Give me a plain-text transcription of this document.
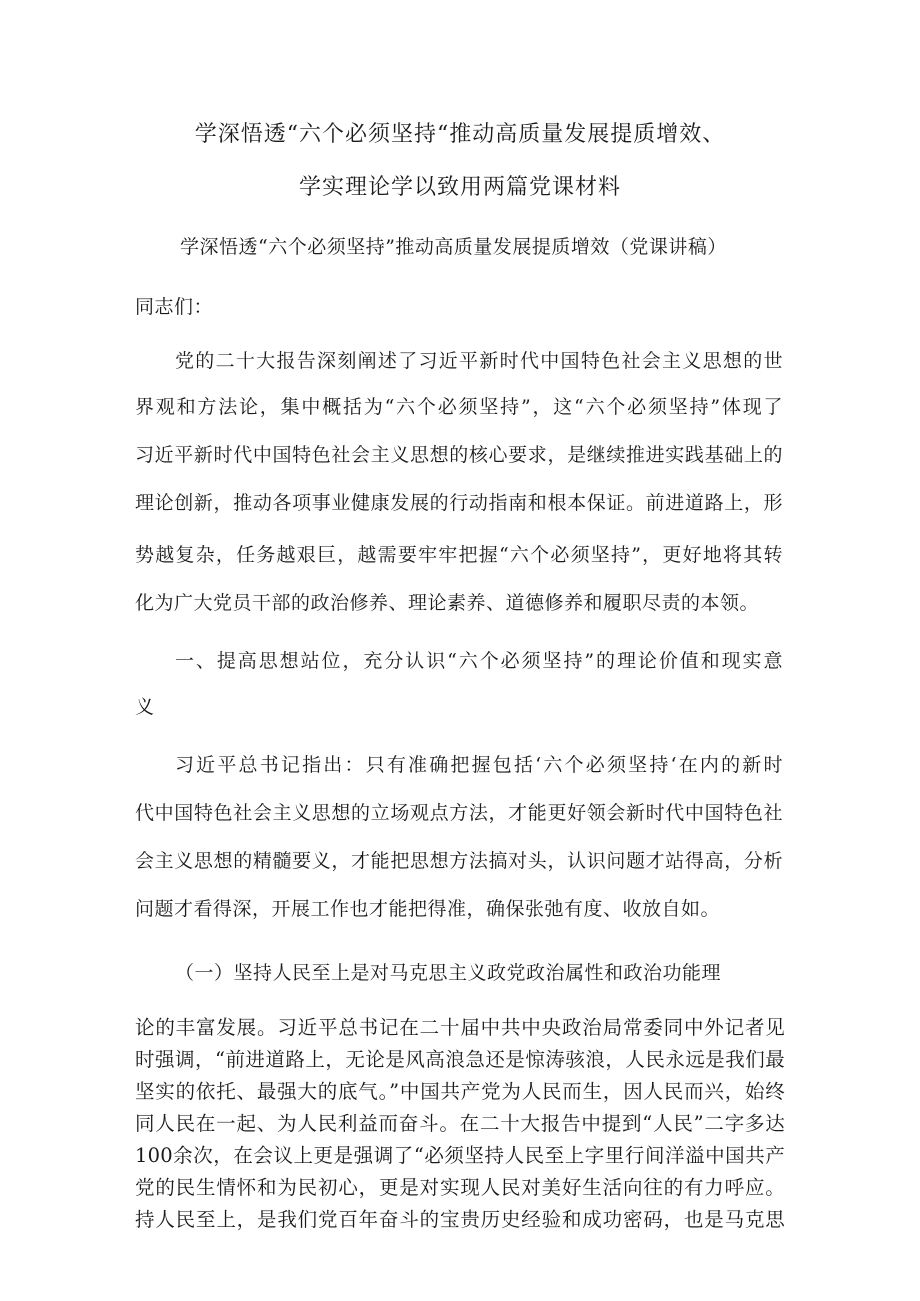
学深悟透“六个必须坚持“推动高质量发展提质增效、
学实理论学以致用两篇党课材料
学深悟透“六个必须坚持”推动高质量发展提质增效（党课讲稿）
同志们：
党的二十大报告深刻阐述了习近平新时代中国特色社会主义思想的世
界观和方法论，集中概括为“六个必须坚持”，这“六个必须坚持”体现了
习近平新时代中国特色社会主义思想的核心要求，是继续推进实践基础上的
理论创新，推动各项事业健康发展的行动指南和根本保证。前进道路上，形
势越复杂，任务越艰巨，越需要牢牢把握“六个必须坚持”，更好地将其转
化为广大党员干部的政治修养、理论素养、道德修养和履职尽责的本领。
一、提高思想站位，充分认识“六个必须坚持”的理论价值和现实意
义
习近平总书记指出：只有准确把握包括‘六个必须坚持‘在内的新时
代中国特色社会主义思想的立场观点方法，才能更好领会新时代中国特色社
会主义思想的精髓要义，才能把思想方法搞对头，认识问题才站得高，分析
问题才看得深，开展工作也才能把得准，确保张弛有度、收放自如。
（一）坚持人民至上是对马克思主义政党政治属性和政治功能理
论的丰富发展。习近平总书记在二十届中共中央政治局常委同中外记者见
时强调，“前进道路上，无论是风高浪急还是惊涛骇浪，人民永远是我们最
坚实的依托、最强大的底气。”中国共产党为人民而生，因人民而兴，始终
同人民在一起、为人民利益而奋斗。在二十大报告中提到“人民”二字多达
100余次，在会议上更是强调了“必须坚持人民至上字里行间洋溢中国共产
党的民生情怀和为民初心，更是对实现人民对美好生活向往的有力呼应。
持人民至上，是我们党百年奋斗的宝贵历史经验和成功密码，也是马克思
